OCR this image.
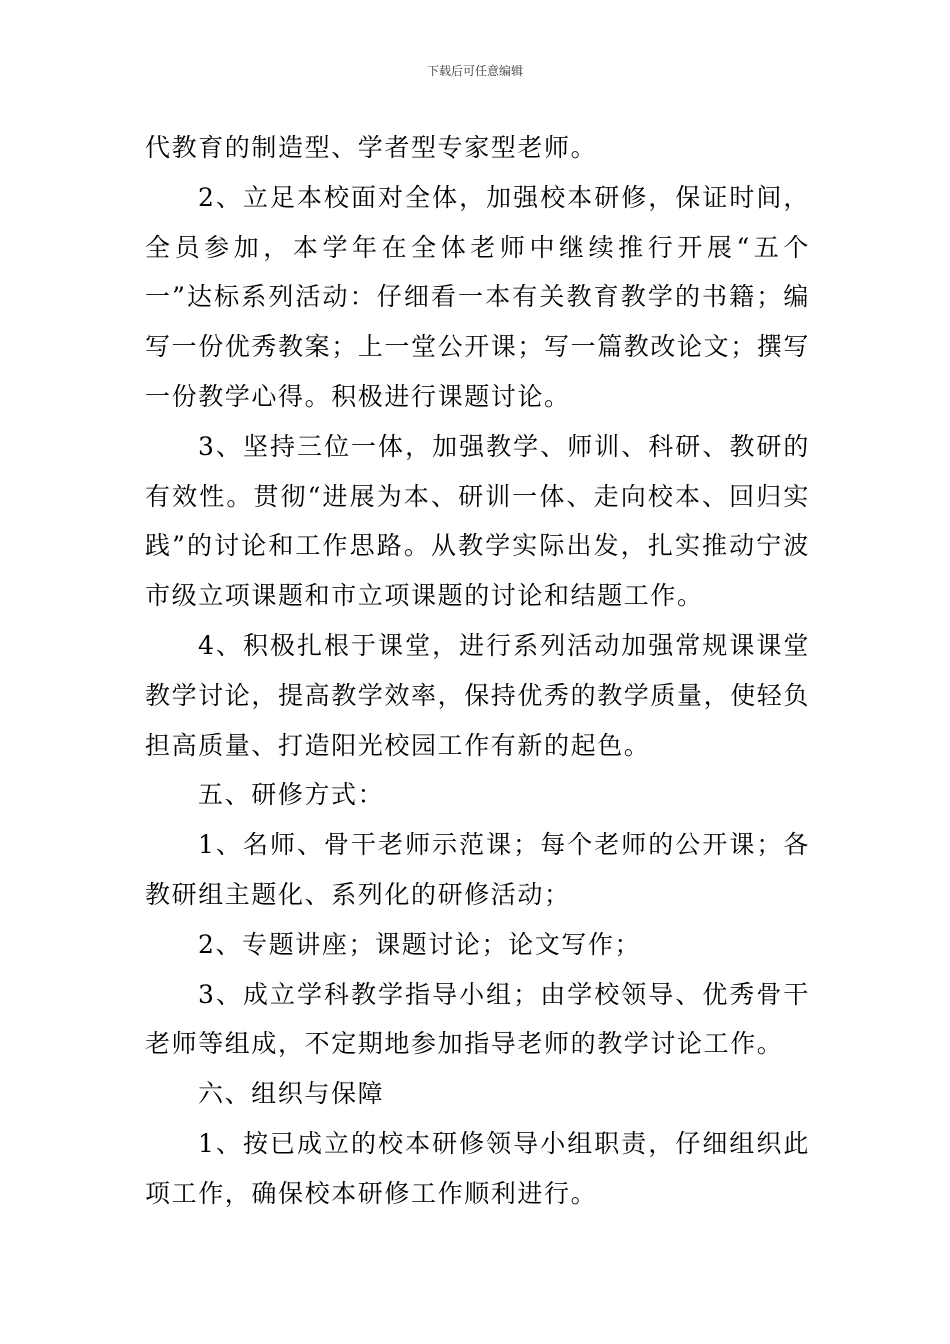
下载后可任意编辑

代教育的制造型、学者型专家型老师。

2、立足本校面对全体，加强校本研修，保证时间，全员参加，本学年在全体老师中继续推行开展“五个一”达标系列活动：仔细看一本有关教育教学的书籍；编写一份优秀教案；上一堂公开课；写一篇教改论文；撰写一份教学心得。积极进行课题讨论。

3、坚持三位一体，加强教学、师训、科研、教研的有效性。贯彻“进展为本、研训一体、走向校本、回归实践”的讨论和工作思路。从教学实际出发，扎实推动宁波市级立项课题和市立项课题的讨论和结题工作。

4、积极扎根于课堂，进行系列活动加强常规课课堂教学讨论，提高教学效率，保持优秀的教学质量，使轻负担高质量、打造阳光校园工作有新的起色。

五、研修方式：

1、名师、骨干老师示范课；每个老师的公开课；各教研组主题化、系列化的研修活动；

2、专题讲座；课题讨论；论文写作；

3、成立学科教学指导小组；由学校领导、优秀骨干老师等组成，不定期地参加指导老师的教学讨论工作。

六、组织与保障

1、按已成立的校本研修领导小组职责，仔细组织此项工作，确保校本研修工作顺利进行。
